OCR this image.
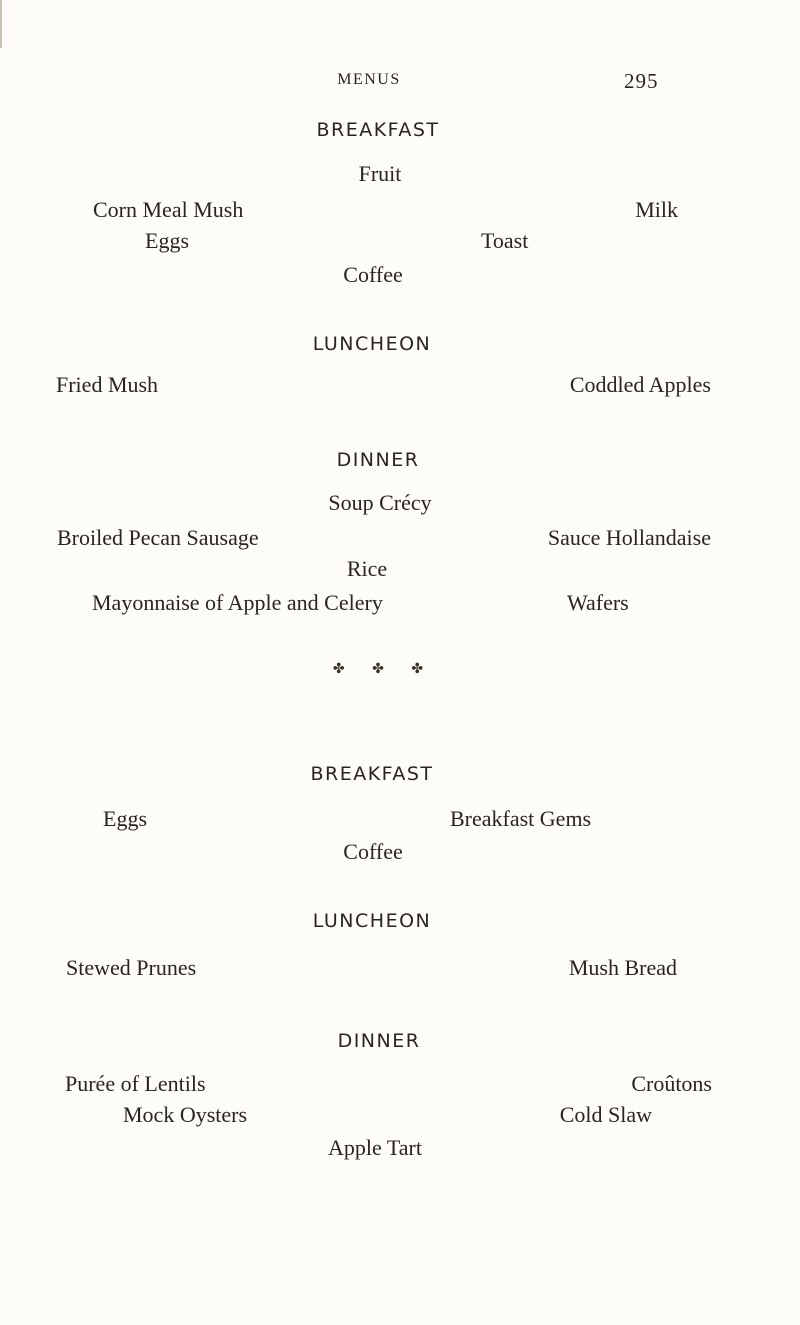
MENUS	295
BREAKFAST
Fruit
Corn Meal Mush	Milk
Eggs	Toast
Coffee
LUNCHEON
Fried Mush	Coddled Apples
DINNER
Soup Crécy
Broiled Pecan Sausage	Sauce Hollandaise
Rice
Mayonnaise of Apple and Celery	Wafers
✤ ✤ ✤
BREAKFAST
Eggs	Breakfast Gems
Coffee
LUNCHEON
Stewed Prunes	Mush Bread
DINNER
Purée of Lentils	Croûtons
Mock Oysters	Cold Slaw
Apple Tart
